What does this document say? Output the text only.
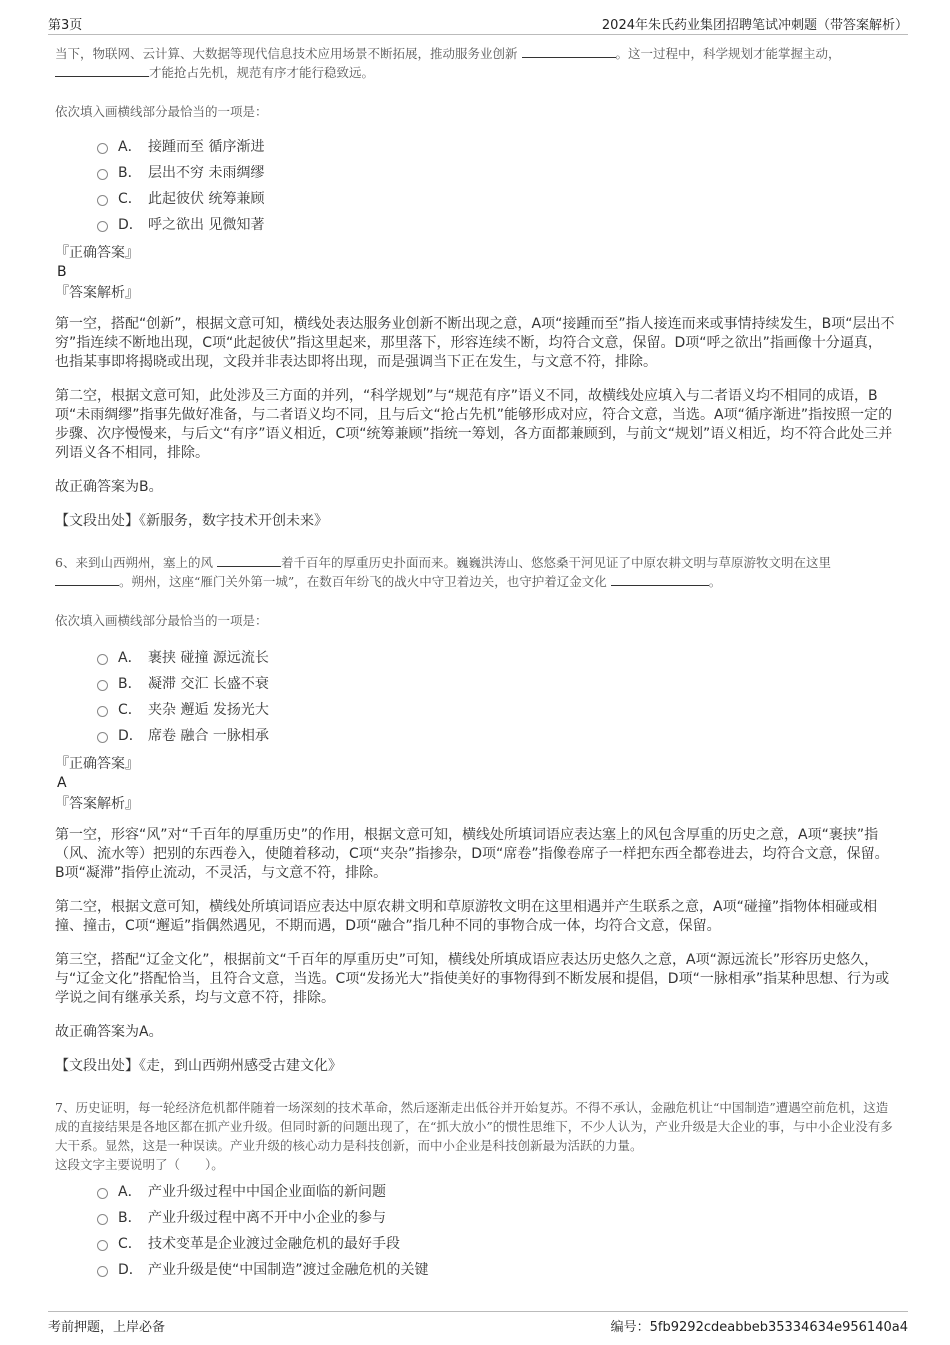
第3页	2024年朱氏药业集团招聘笔试冲刺题（带答案解析）

当下，物联网、云计算、大数据等现代信息技术应用场景不断拓展，推动服务业创新	。这一过程中，科学规划才能掌握主动，
才能抢占先机，规范有序才能行稳致远。

依次填入画横线部分最恰当的一项是：

A． 接踵而至 循序渐进
B． 层出不穷 未雨绸缪
C． 此起彼伏 统筹兼顾
D． 呼之欲出 见微知著
『正确答案』
B
『答案解析』

第一空，搭配“创新”，根据文意可知，横线处表达服务业创新不断出现之意，A项“接踵而至”指人接连而来或事情持续发生，B项“层出不穷”指连续不断地出现，C项“此起彼伏”指这里起来，那里落下，形容连续不断，均符合文意，保留。D项“呼之欲出”指画像十分逼真，也指某事即将揭晓或出现，文段并非表达即将出现，而是强调当下正在发生，与文意不符，排除。

第二空，根据文意可知，此处涉及三方面的并列，“科学规划”与“规范有序”语义不同，故横线处应填入与二者语义均不相同的成语，B项“未雨绸缪”指事先做好准备，与二者语义均不同，且与后文“抢占先机”能够形成对应，符合文意，当选。A项“循序渐进”指按照一定的步骤、次序慢慢来，与后文“有序”语义相近，C项“统筹兼顾”指统一筹划，各方面都兼顾到，与前文“规划”语义相近，均不符合此处三并列语义各不相同，排除。

故正确答案为B。

【文段出处】《新服务，数字技术开创未来》

6、来到山西朔州，塞上的风	着千百年的厚重历史扑面而来。巍巍洪涛山、悠悠桑干河见证了中原农耕文明与草原游牧文明在这里
。朔州，这座“雁门关外第一城”，在数百年纷飞的战火中守卫着边关，也守护着辽金文化	。

依次填入画横线部分最恰当的一项是：

A． 裹挟 碰撞 源远流长
B． 凝滞 交汇 长盛不衰
C． 夹杂 邂逅 发扬光大
D． 席卷 融合 一脉相承
『正确答案』
A
『答案解析』

第一空，形容“风”对“千百年的厚重历史”的作用，根据文意可知，横线处所填词语应表达塞上的风包含厚重的历史之意，A项“裹挟”指（风、流水等）把别的东西卷入，使随着移动，C项“夹杂”指掺杂，D项“席卷”指像卷席子一样把东西全都卷进去，均符合文意，保留。B项“凝滞”指停止流动，不灵活，与文意不符，排除。

第二空，根据文意可知，横线处所填词语应表达中原农耕文明和草原游牧文明在这里相遇并产生联系之意，A项“碰撞”指物体相碰或相撞、撞击，C项“邂逅”指偶然遇见，不期而遇，D项“融合”指几种不同的事物合成一体，均符合文意，保留。

第三空，搭配“辽金文化”，根据前文“千百年的厚重历史”可知，横线处所填成语应表达历史悠久之意，A项“源远流长”形容历史悠久，与“辽金文化”搭配恰当，且符合文意，当选。C项“发扬光大”指使美好的事物得到不断发展和提倡，D项“一脉相承”指某种思想、行为或学说之间有继承关系，均与文意不符，排除。

故正确答案为A。

【文段出处】《走，到山西朔州感受古建文化》

7、历史证明，每一轮经济危机都伴随着一场深刻的技术革命，然后逐渐走出低谷并开始复苏。不得不承认，金融危机让“中国制造”遭遇空前危机，这造成的直接结果是各地区都在抓产业升级。但同时新的问题出现了，在“抓大放小”的惯性思维下，不少人认为，产业升级是大企业的事，与中小企业没有多大干系。显然，这是一种误读。产业升级的核心动力是科技创新，而中小企业是科技创新最为活跃的力量。

这段文字主要说明了（　　）。

A． 产业升级过程中中国企业面临的新问题
B． 产业升级过程中离不开中小企业的参与
C． 技术变革是企业渡过金融危机的最好手段
D． 产业升级是使“中国制造”渡过金融危机的关键
考前押题，上岸必备	编号：5fb9292cdeabbeb35334634e956140a4
